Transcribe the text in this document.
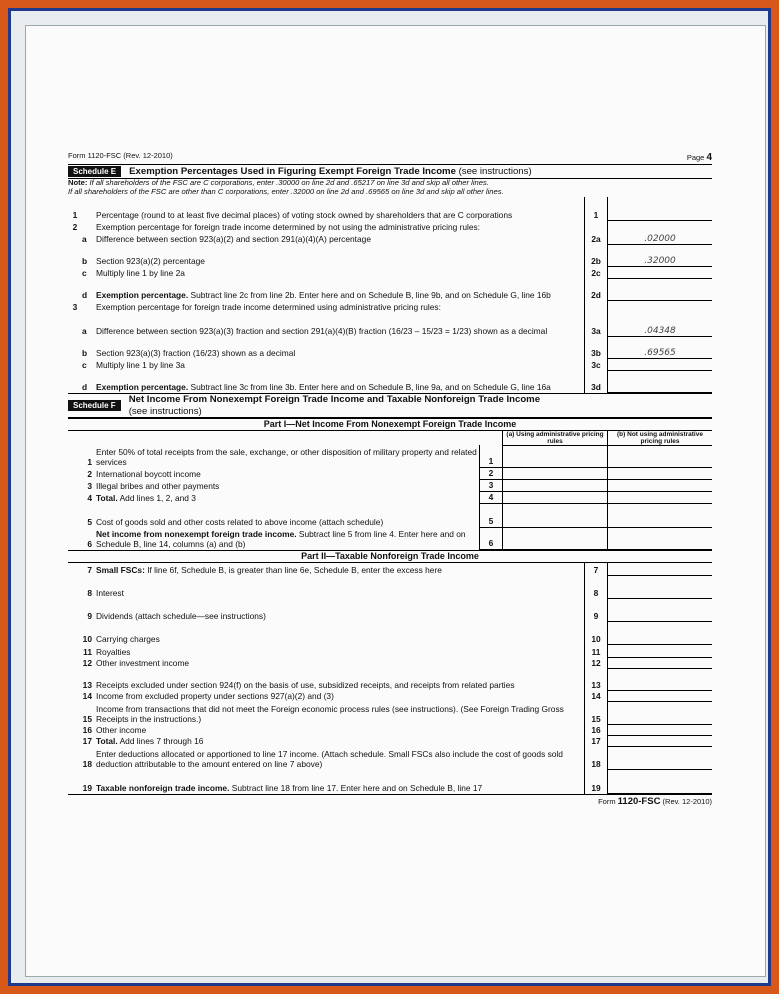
Form 1120-FSC (Rev. 12-2010)	Page 4
Schedule E	Exemption Percentages Used in Figuring Exempt Foreign Trade Income (see instructions)
Note: If all shareholders of the FSC are C corporations, enter .30000 on line 2d and .65217 on line 3d and skip all other lines.
If all shareholders of the FSC are other than C corporations, enter .32000 on line 2d and .69565 on line 3d and skip all other lines.
1		Percentage (round to at least five decimal places) of voting stock owned by shareholders that are C corporations	1	
2		Exemption percentage for foreign trade income determined by not using the administrative pricing rules:		
	a	Difference between section 923(a)(2) and section 291(a)(4)(A) percentage	2a	.02000
	b	Section 923(a)(2) percentage	2b	.32000
	c	Multiply line 1 by line 2a	2c	
	d	Exemption percentage. Subtract line 2c from line 2b. Enter here and on Schedule B, line 9b, and on Schedule G, line 16b	2d	
3		Exemption percentage for foreign trade income determined using administrative pricing rules:		
	a	Difference between section 923(a)(3) fraction and section 291(a)(4)(B) fraction (16/23 – 15/23 = 1/23) shown as a decimal	3a	.04348
	b	Section 923(a)(3) fraction (16/23) shown as a decimal	3b	.69565
	c	Multiply line 1 by line 3a	3c	
	d	Exemption percentage. Subtract line 3c from line 3b. Enter here and on Schedule B, line 9a, and on Schedule G, line 16a	3d	
Schedule F
Net Income From Nonexempt Foreign Trade Income and Taxable Nonforeign Trade Income
(see instructions)
Part I—Net Income From Nonexempt Foreign Trade Income
			(a) Using administrative pricing rules	(b) Not using administrative pricing rules
1	Enter 50% of total receipts from the sale, exchange, or other disposition of military property and related services	1		
2	International boycott income	2		
3	Illegal bribes and other payments	3		
4	Total. Add lines 1, 2, and 3	4		
5	Cost of goods sold and other costs related to above income (attach schedule)	5		
6	Net income from nonexempt foreign trade income. Subtract line 5 from line 4. Enter here and on Schedule B, line 14, columns (a) and (b)	6		
Part II—Taxable Nonforeign Trade Income
7	Small FSCs: If line 6f, Schedule B, is greater than line 6e, Schedule B, enter the excess here	7	
8	Interest	8	
9	Dividends (attach schedule—see instructions)	9	
10	Carrying charges	10	
11	Royalties	11	
12	Other investment income	12	
13	Receipts excluded under section 924(f) on the basis of use, subsidized receipts, and receipts from related parties	13	
14	Income from excluded property under sections 927(a)(2) and (3)	14	
15	Income from transactions that did not meet the Foreign economic process rules (see instructions). (See Foreign Trading Gross Receipts in the instructions.)	15	
16	Other income	16	
17	Total. Add lines 7 through 16	17	
18	Enter deductions allocated or apportioned to line 17 income. (Attach schedule. Small FSCs also include the cost of goods sold deduction attributable to the amount entered on line 7 above)	18	
19	Taxable nonforeign trade income. Subtract line 18 from line 17. Enter here and on Schedule B, line 17	19	
Form 1120-FSC (Rev. 12-2010)
